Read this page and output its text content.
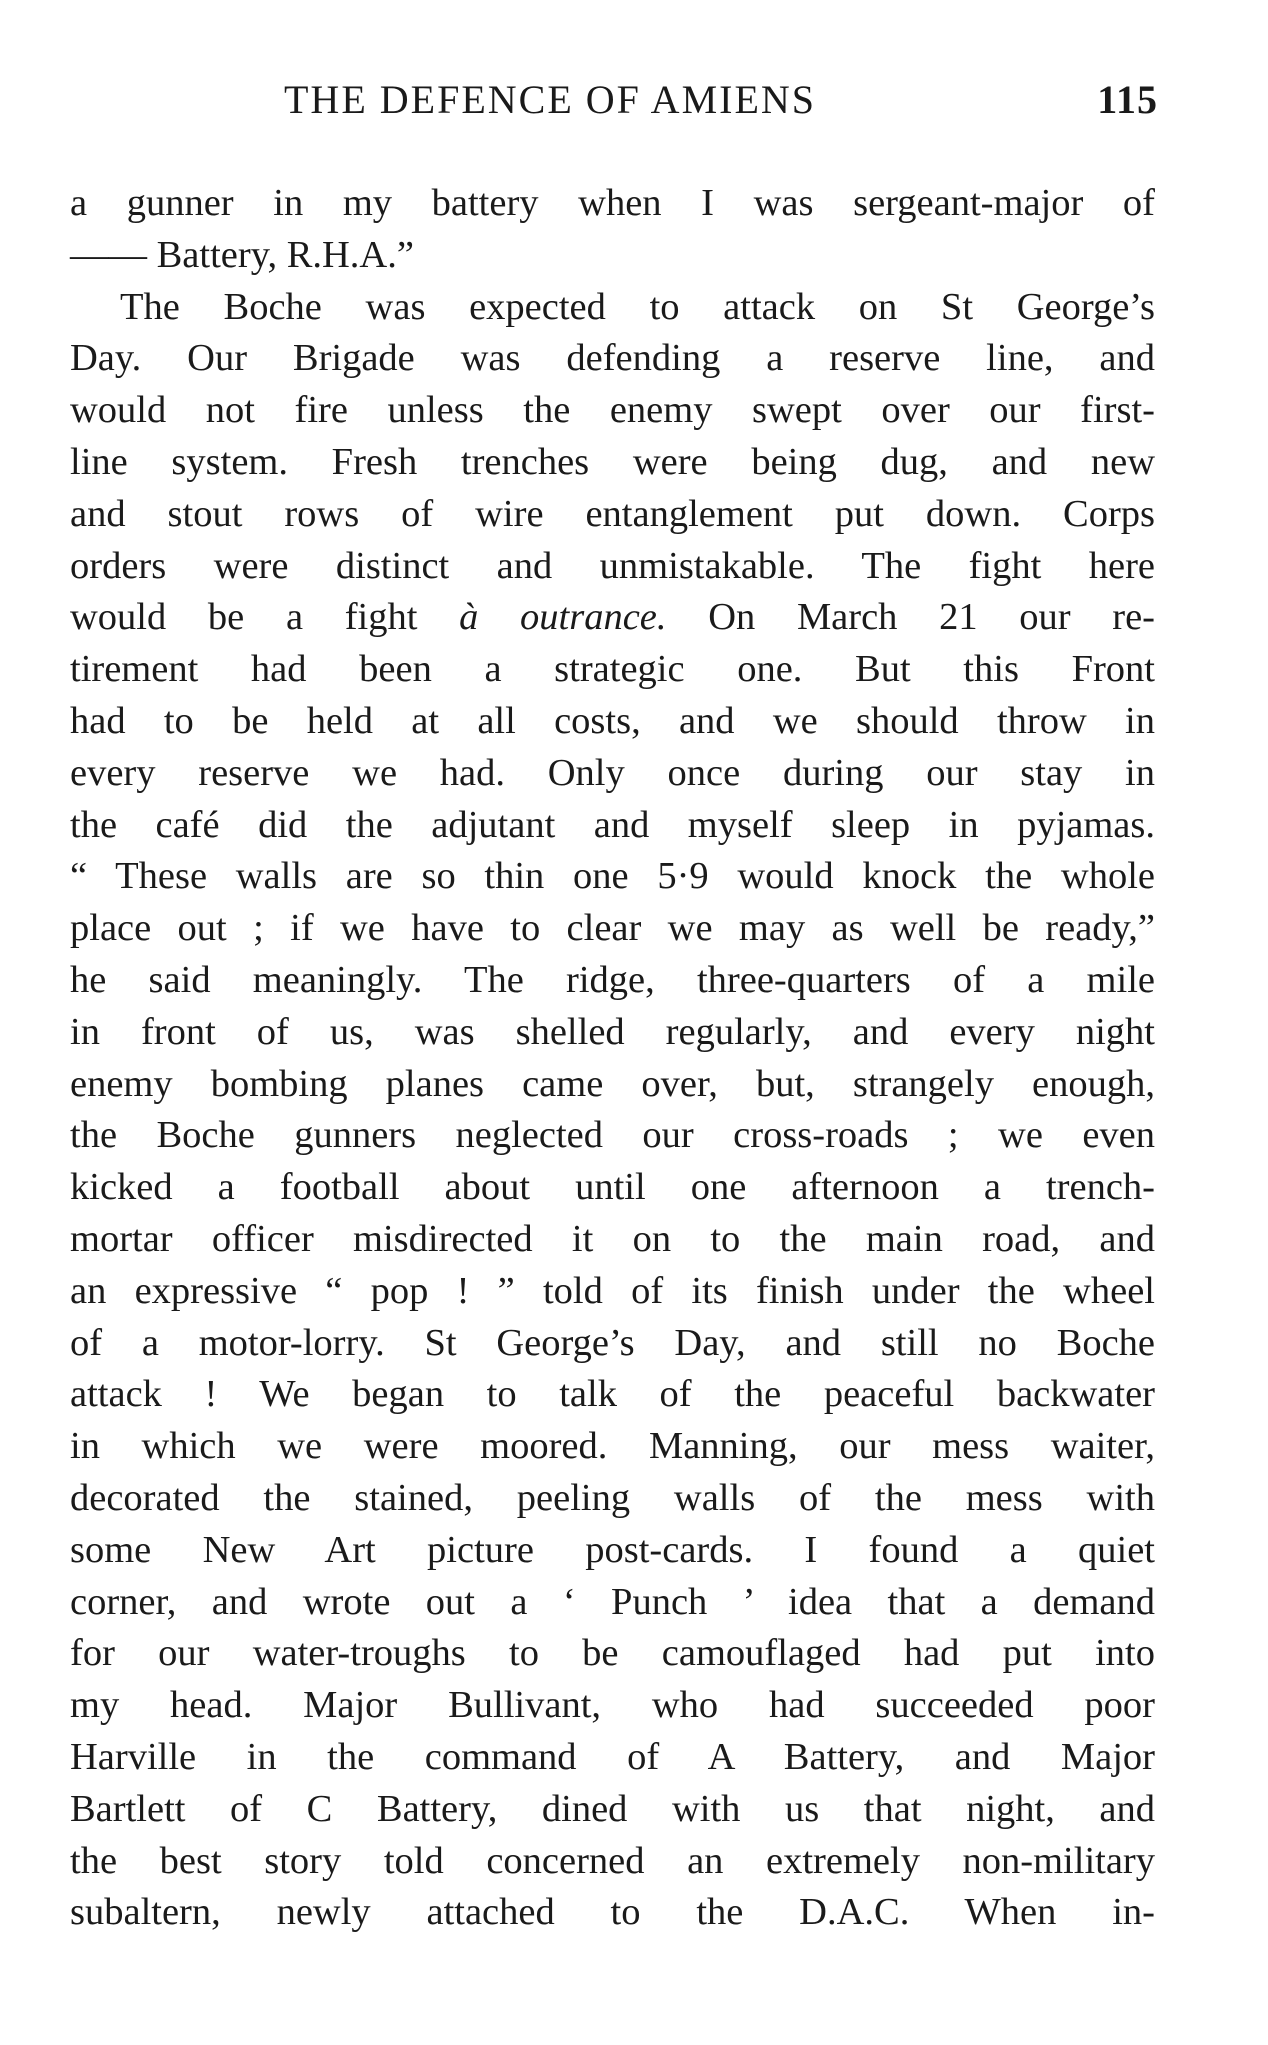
THE DEFENCE OF AMIENS	115
a gunner in my battery when I was sergeant-major of
—— Battery, R.H.A.”
The Boche was expected to attack on St George’s
Day. Our Brigade was defending a reserve line, and
would not fire unless the enemy swept over our first-
line system. Fresh trenches were being dug, and new
and stout rows of wire entanglement put down. Corps
orders were distinct and unmistakable. The fight here
would be a fight à outrance. On March 21 our re-
tirement had been a strategic one. But this Front
had to be held at all costs, and we should throw in
every reserve we had. Only once during our stay in
the café did the adjutant and myself sleep in pyjamas.
“ These walls are so thin one 5·9 would knock the whole
place out ; if we have to clear we may as well be ready,”
he said meaningly. The ridge, three-quarters of a mile
in front of us, was shelled regularly, and every night
enemy bombing planes came over, but, strangely enough,
the Boche gunners neglected our cross-roads ; we even
kicked a football about until one afternoon a trench-
mortar officer misdirected it on to the main road, and
an expressive “ pop ! ” told of its finish under the wheel
of a motor-lorry. St George’s Day, and still no Boche
attack ! We began to talk of the peaceful backwater
in which we were moored. Manning, our mess waiter,
decorated the stained, peeling walls of the mess with
some New Art picture post-cards. I found a quiet
corner, and wrote out a ‘ Punch ’ idea that a demand
for our water-troughs to be camouflaged had put into
my head. Major Bullivant, who had succeeded poor
Harville in the command of A Battery, and Major
Bartlett of C Battery, dined with us that night, and
the best story told concerned an extremely non-military
subaltern, newly attached to the D.A.C. When in-
